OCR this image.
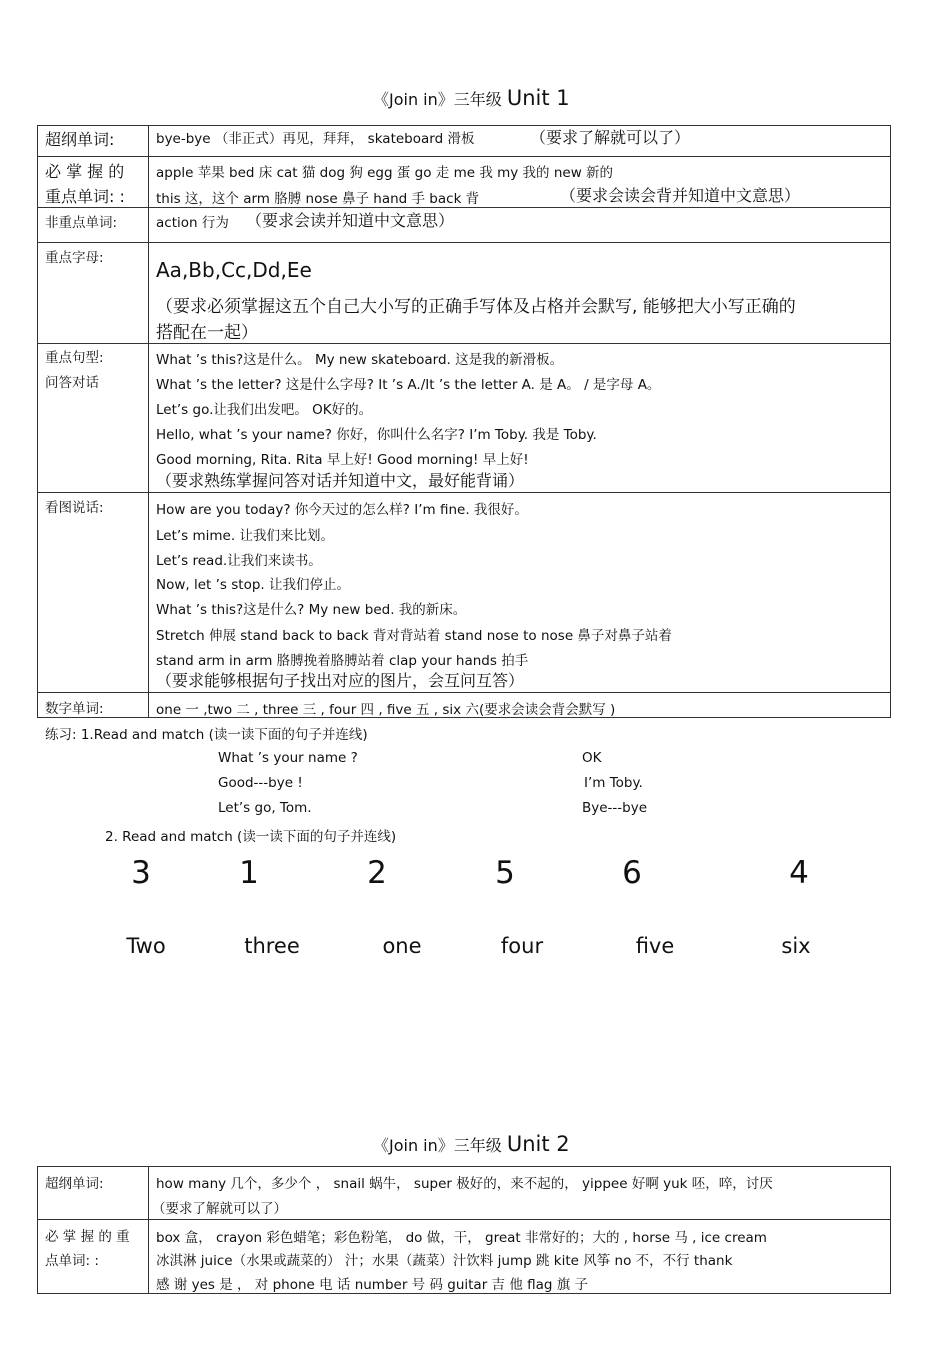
《Join in》三年级 Unit 1
超纲单词:	bye-bye （非正式）再见，拜拜， skateboard 滑板	（要求了解就可以了）
必 掌 握 的
重点单词: :
apple 苹果 bed 床 cat 猫 dog 狗 egg 蛋 go 走 me 我 my 我的 new 新的
this 这，这个 arm 胳膊 nose 鼻子 hand 手 back 背	（要求会读会背并知道中文意思）
非重点单词:	action 行为 （要求会读并知道中文意思）
重点字母:	Aa,Bb,Cc,Dd,Ee
（要求必须掌握这五个自己大小写的正确手写体及占格并会默写, 能够把大小写正确的
搭配在一起）
重点句型:
问答对话
What ’s this?这是什么。 My new skateboard. 这是我的新滑板。
What ’s the letter? 这是什么字母? It ’s A./It ’s the letter A. 是 A。 / 是字母 A。
Let’s go.让我们出发吧。 OK好的。
Hello, what ’s your name? 你好，你叫什么名字? I’m Toby. 我是 Toby.
Good morning, Rita. Rita 早上好! Good morning! 早上好!
（要求熟练掌握问答对话并知道中文，最好能背诵）
看图说话:	How are you today? 你今天过的怎么样? I’m fine. 我很好。
Let’s mime. 让我们来比划。
Let’s read.让我们来读书。
Now, let ’s stop. 让我们停止。
What ’s this?这是什么? My new bed. 我的新床。
Stretch 伸展 stand back to back 背对背站着 stand nose to nose 鼻子对鼻子站着
stand arm in arm 胳膊挽着胳膊站着 clap your hands 拍手
（要求能够根据句子找出对应的图片，会互问互答）
数字单词:	one 一 ,two 二 , three 三 , four 四 , five 五 , six 六(要求会读会背会默写 )
练习: 1.Read and match (读一读下面的句子并连线)
What ’s your name ?
Good---bye !
Let’s go, Tom.
OK
I’m Toby.
Bye---bye
2. Read and match (读一读下面的句子并连线)
3	1	2	5	6	4
Two	three	one	four	five	six
《Join in》三年级 Unit 2
超纲单词:	how many 几个，多少个 ， snail 蜗牛， super 极好的，来不起的， yippee 好啊 yuk 呸，啐，讨厌
（要求了解就可以了）
必 掌 握 的 重
点单词: :
box 盒， crayon 彩色蜡笔；彩色粉笔， do 做，干， great 非常好的；大的 , horse 马 , ice cream
冰淇淋 juice（水果或蔬菜的） 汁；水果（蔬菜）汁饮料 jump 跳 kite 风筝 no 不，不行 thank
感 谢 yes 是 ， 对 phone 电 话 number 号 码 guitar 吉 他 flag 旗 子
